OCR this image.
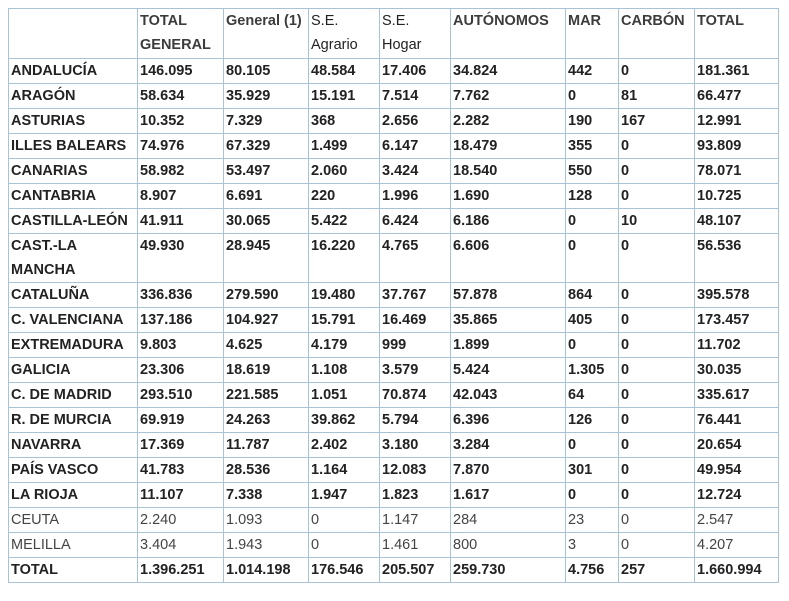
	TOTAL GENERAL	General (1)	S.E. Agrario	S.E. Hogar	AUTÓNOMOS	MAR	CARBÓN	TOTAL
ANDALUCÍA	146.095	80.105	48.584	17.406	34.824	442	0	181.361
ARAGÓN	58.634	35.929	15.191	7.514	7.762	0	81	66.477
ASTURIAS	10.352	7.329	368	2.656	2.282	190	167	12.991
ILLES BALEARS	74.976	67.329	1.499	6.147	18.479	355	0	93.809
CANARIAS	58.982	53.497	2.060	3.424	18.540	550	0	78.071
CANTABRIA	8.907	6.691	220	1.996	1.690	128	0	10.725
CASTILLA-LEÓN	41.911	30.065	5.422	6.424	6.186	0	10	48.107
CAST.-LA MANCHA	49.930	28.945	16.220	4.765	6.606	0	0	56.536
CATALUÑA	336.836	279.590	19.480	37.767	57.878	864	0	395.578
C. VALENCIANA	137.186	104.927	15.791	16.469	35.865	405	0	173.457
EXTREMADURA	9.803	4.625	4.179	999	1.899	0	0	11.702
GALICIA	23.306	18.619	1.108	3.579	5.424	1.305	0	30.035
C. DE MADRID	293.510	221.585	1.051	70.874	42.043	64	0	335.617
R. DE MURCIA	69.919	24.263	39.862	5.794	6.396	126	0	76.441
NAVARRA	17.369	11.787	2.402	3.180	3.284	0	0	20.654
PAÍS VASCO	41.783	28.536	1.164	12.083	7.870	301	0	49.954
LA RIOJA	11.107	7.338	1.947	1.823	1.617	0	0	12.724
CEUTA	2.240	1.093	0	1.147	284	23	0	2.547
MELILLA	3.404	1.943	0	1.461	800	3	0	4.207
TOTAL	1.396.251	1.014.198	176.546	205.507	259.730	4.756	257	1.660.994
